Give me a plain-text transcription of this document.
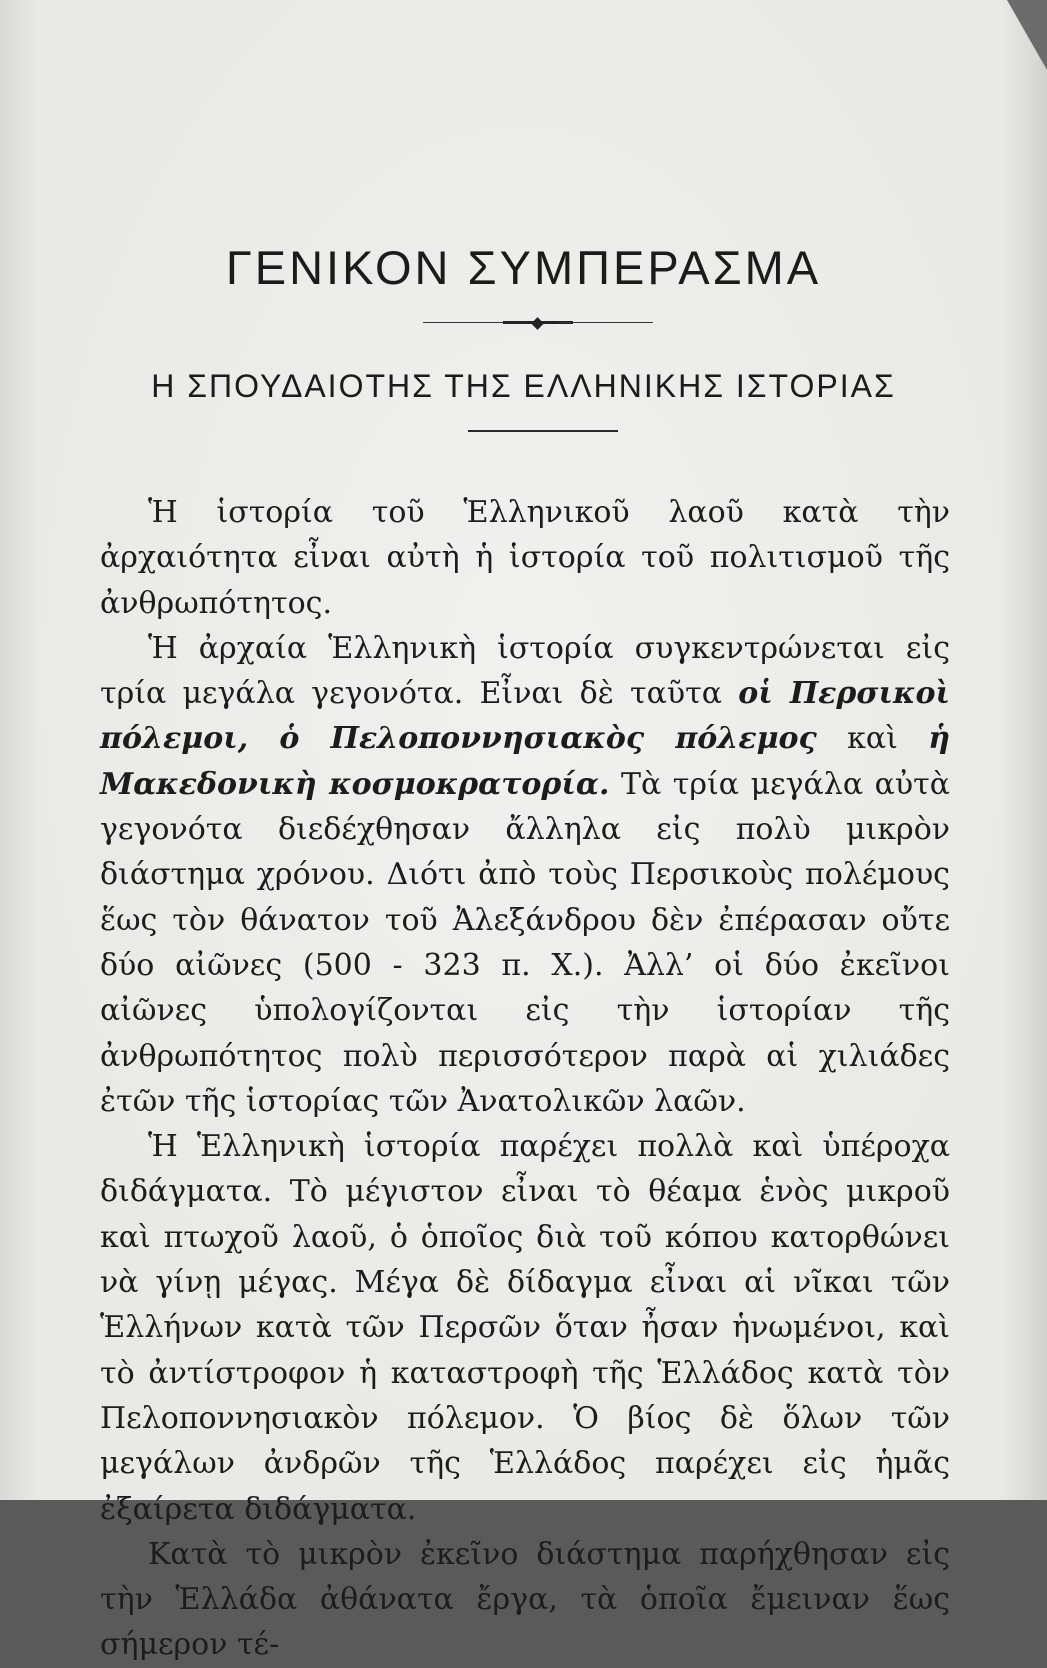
ΓΕΝΙΚΟΝ ΣΥΜΠΕΡΑΣΜΑ
Η ΣΠΟΥΔΑΙΟΤΗΣ ΤΗΣ ΕΛΛΗΝΙΚΗΣ ΙΣΤΟΡΙΑΣ

Ἡ ἱστορία τοῦ Ἑλληνικοῦ λαοῦ κατὰ τὴν ἀρχαιότητα εἶναι αὐτὴ ἡ ἱστορία τοῦ πολιτισμοῦ τῆς ἀνθρωπότητος.

Ἡ ἀρχαία Ἑλληνικὴ ἱστορία συγκεντρώνεται εἰς τρία μεγάλα γεγονότα. Εἶναι δὲ ταῦτα οἱ Περσικοὶ πόλεμοι, ὁ Πελοποννησιακὸς πόλεμος καὶ ἡ Μακεδονικὴ κοσμοκρατορία. Τὰ τρία μεγάλα αὐτὰ γεγονότα διεδέχθησαν ἄλληλα εἰς πολὺ μικρὸν διάστημα χρόνου. Διότι ἀπὸ τοὺς Περσικοὺς πολέμους ἕως τὸν θάνατον τοῦ Ἀλεξάνδρου δὲν ἐπέρασαν οὔτε δύο αἰῶνες (500 - 323 π. Χ.). Ἀλλ’ οἱ δύο ἐκεῖνοι αἰῶνες ὑπολογίζονται εἰς τὴν ἱστορίαν τῆς ἀνθρωπότητος πολὺ περισσότερον παρὰ αἱ χιλιάδες ἐτῶν τῆς ἱστορίας τῶν Ἀνατολικῶν λαῶν.

Ἡ Ἑλληνικὴ ἱστορία παρέχει πολλὰ καὶ ὑπέροχα διδάγματα. Τὸ μέγιστον εἶναι τὸ θέαμα ἑνὸς μικροῦ καὶ πτωχοῦ λαοῦ, ὁ ὁποῖος διὰ τοῦ κόπου κατορθώνει νὰ γίνῃ μέγας. Μέγα δὲ δίδαγμα εἶναι αἱ νῖκαι τῶν Ἑλλήνων κατὰ τῶν Περσῶν ὅταν ἦσαν ἡνωμένοι, καὶ τὸ ἀντίστροφον ἡ καταστροφὴ τῆς Ἑλλάδος κατὰ τὸν Πελοποννησιακὸν πόλεμον. Ὁ βίος δὲ ὅλων τῶν μεγάλων ἀνδρῶν τῆς Ἑλλάδος παρέχει εἰς ἡμᾶς ἐξαίρετα διδάγματα.

Κατὰ τὸ μικρὸν ἐκεῖνο διάστημα παρήχθησαν εἰς τὴν Ἑλλάδα ἀθάνατα ἔργα, τὰ ὁποῖα ἔμειναν ἕως σήμερον τέ-
